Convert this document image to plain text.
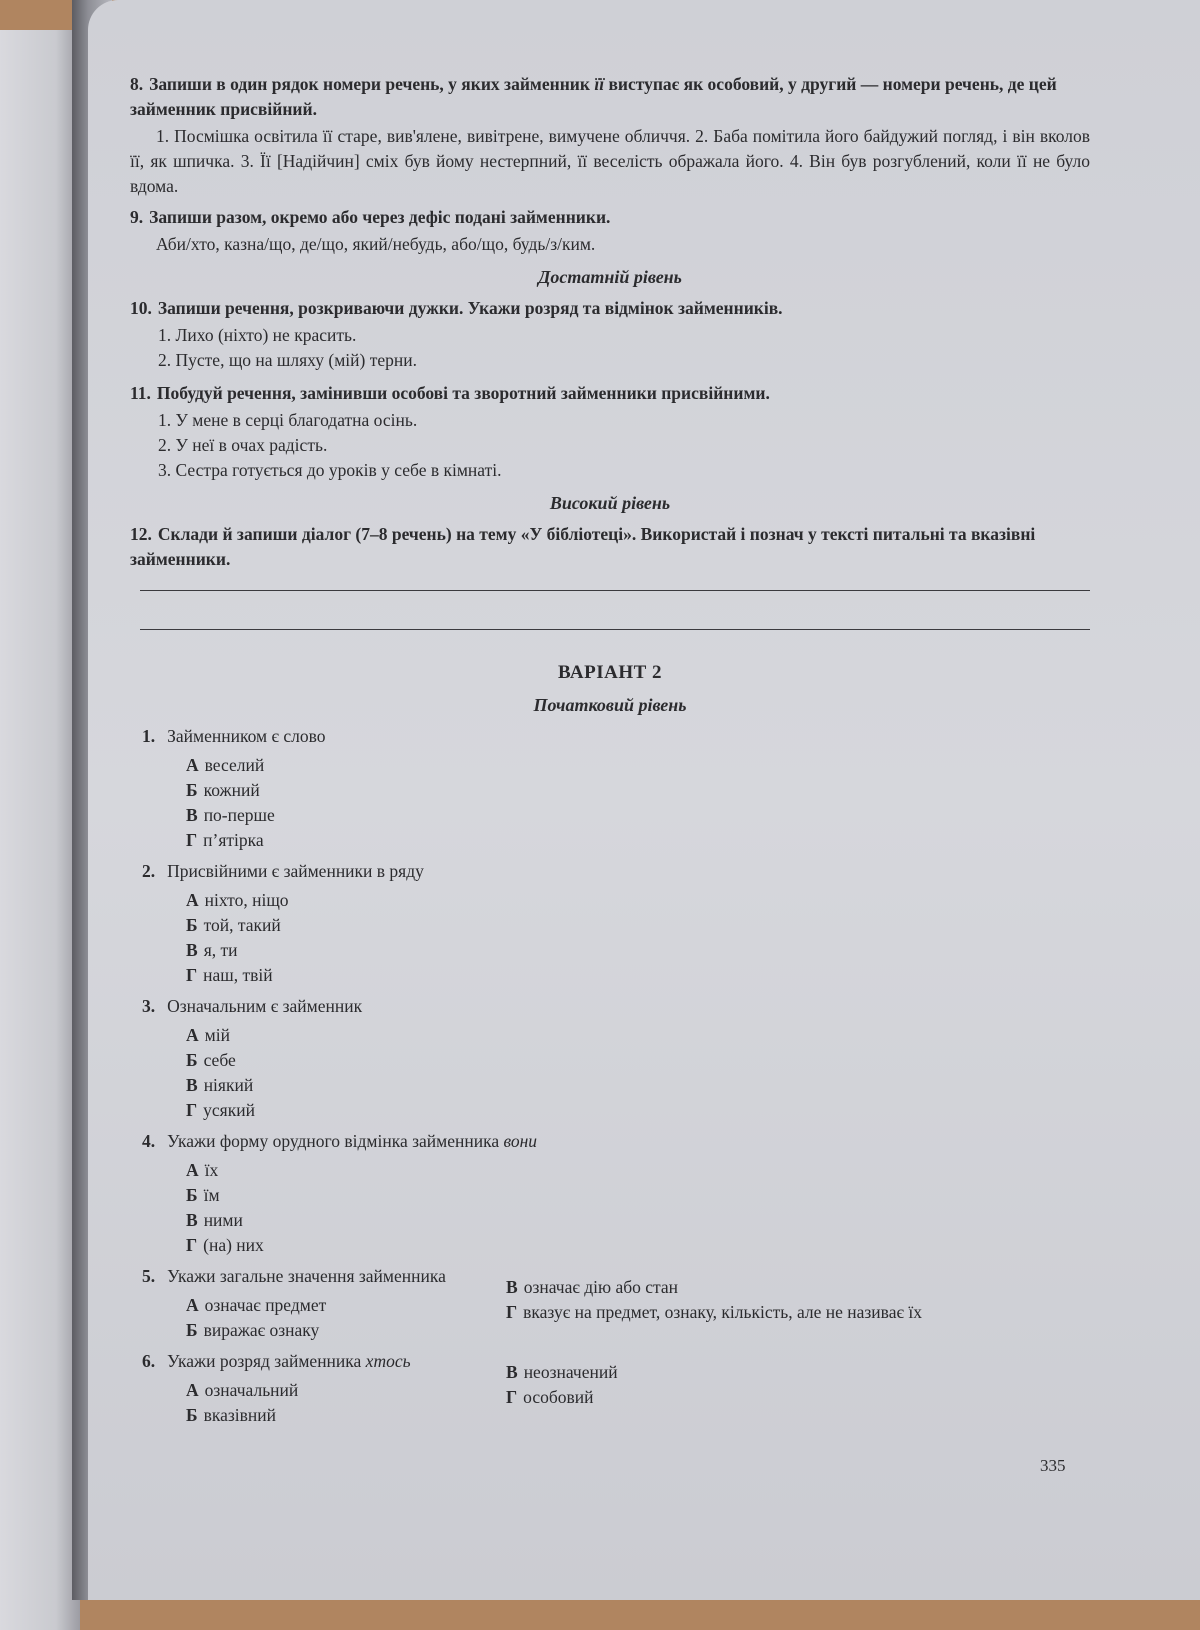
8. Запиши в один рядок номери речень, у яких займенник її виступає як особовий, у другий — номери речень, де цей займенник присвійний.
1. Посмішка освітила її старе, вив'ялене, вивітрене, вимучене обличчя. 2. Баба помітила його байдужий погляд, і він вколов її, як шпичка. 3. Її [Надійчин] сміх був йому нестерпний, її веселість ображала його. 4. Він був розгублений, коли її не було вдома.
9. Запиши разом, окремо або через дефіс подані займенники.
Аби/хто, казна/що, де/що, який/небудь, або/що, будь/з/ким.
Достатній рівень
10. Запиши речення, розкриваючи дужки. Укажи розряд та відмінок займенників.
1. Лихо (ніхто) не красить.
2. Пусте, що на шляху (мій) терни.
11. Побудуй речення, замінивши особові та зворотний займенники присвійними.
1. У мене в серці благодатна осінь.
2. У неї в очах радість.
3. Сестра готується до уроків у себе в кімнаті.
Високий рівень
12. Склади й запиши діалог (7–8 речень) на тему «У бібліотеці». Використай і познач у тексті питальні та вказівні займенники.
ВАРІАНТ 2
Початковий рівень
1. Займенником є слово
А веселий
Б кожний
В по-перше
Г п’ятірка
2. Присвійними є займенники в ряду
А ніхто, ніщо
Б той, такий
В я, ти
Г наш, твій
3. Означальним є займенник
А мій
Б себе
В ніякий
Г усякий
4. Укажи форму орудного відмінка займенника вони
А їх
Б їм
В ними
Г (на) них
5. Укажи загальне значення займенника
А означає предмет
Б виражає ознаку
В означає дію або стан
Г вказує на предмет, ознаку, кількість, але не називає їх
6. Укажи розряд займенника хтось
А означальний
Б вказівний
В неозначений
Г особовий
335
